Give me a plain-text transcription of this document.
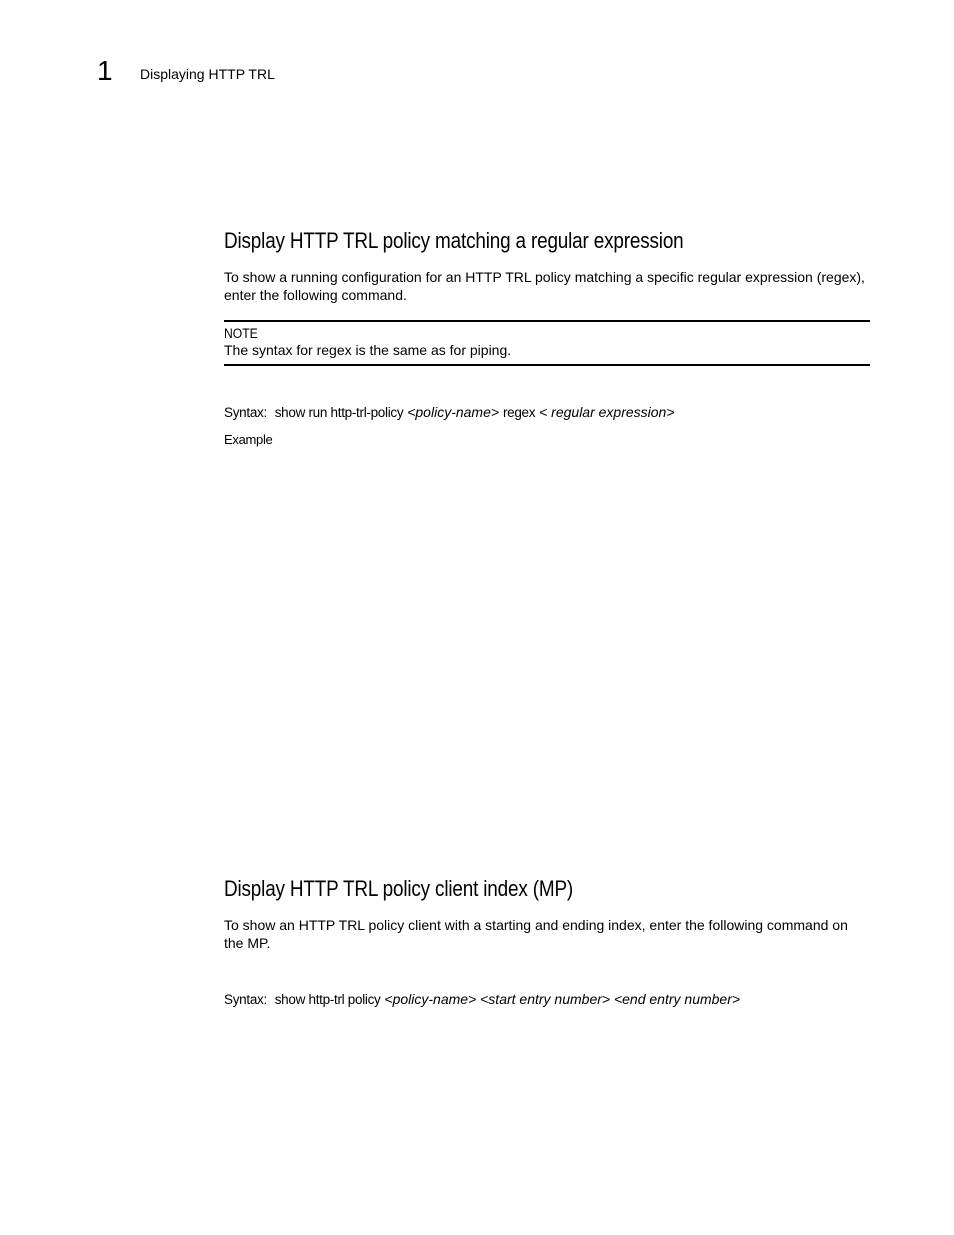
1 Displaying HTTP TRL
Display HTTP TRL policy matching a regular expression

To show a running configuration for an HTTP TRL policy matching a specific regular expression (regex), enter the following command.

NOTE
The syntax for regex is the same as for piping.
Syntax: show run http-trl-policy <policy-name> regex < regular expression>
Example
Display HTTP TRL policy client index (MP)

To show an HTTP TRL policy client with a starting and ending index, enter the following command on the MP.

Syntax: show http-trl policy <policy-name> <start entry number> <end entry number>
